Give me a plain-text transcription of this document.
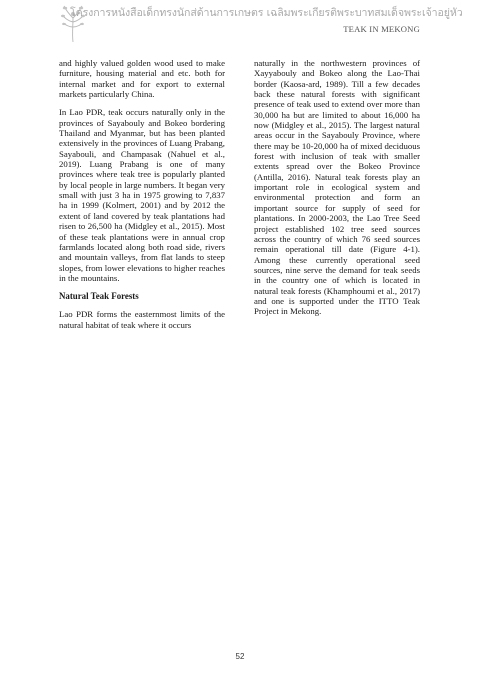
โครงการหนังสือเด็กทรงนักส่ด้านการเกษตร เฉลิมพระเกียรติพระบาทสมเด็จพระเจ้าอยู่หัว
TEAK IN MEKONG

and highly valued golden wood used to make furniture, housing material and etc. both for internal market and for export to external markets particularly China.

In Lao PDR, teak occurs naturally only in the provinces of Sayabouly and Bokeo bordering Thailand and Myanmar, but has been planted extensively in the provinces of Luang Prabang, Sayabouli, and Champasak (Nahuel et al., 2019). Luang Prabang is one of many provinces where teak tree is popularly planted by local people in large numbers. It began very small with just 3 ha in 1975 growing to 7,837 ha in 1999 (Kolmert, 2001) and by 2012 the extent of land covered by teak plantations had risen to 26,500 ha (Midgley et al., 2015). Most of these teak plantations were in annual crop farmlands located along both road side, rivers and mountain valleys, from flat lands to steep slopes, from lower elevations to higher reaches in the mountains.

Natural Teak Forests

Lao PDR forms the easternmost limits of the natural habitat of teak where it occurs

naturally in the northwestern provinces of Xayyabouly and Bokeo along the Lao-Thai border (Kaosa-ard, 1989). Till a few decades back these natural forests with significant presence of teak used to extend over more than 30,000 ha but are limited to about 16,000 ha now (Midgley et al., 2015). The largest natural areas occur in the Sayabouly Province, where there may be 10-20,000 ha of mixed deciduous forest with inclusion of teak with smaller extents spread over the Bokeo Province (Antilla, 2016). Natural teak forests play an important role in ecological system and environmental protection and form an important source for supply of seed for plantations. In 2000-2003, the Lao Tree Seed project established 102 tree seed sources across the country of which 76 seed sources remain operational till date (Figure 4-1). Among these currently operational seed sources, nine serve the demand for teak seeds in the country one of which is located in natural teak forests (Khamphoumi et al., 2017) and one is supported under the ITTO Teak Project in Mekong.

52
